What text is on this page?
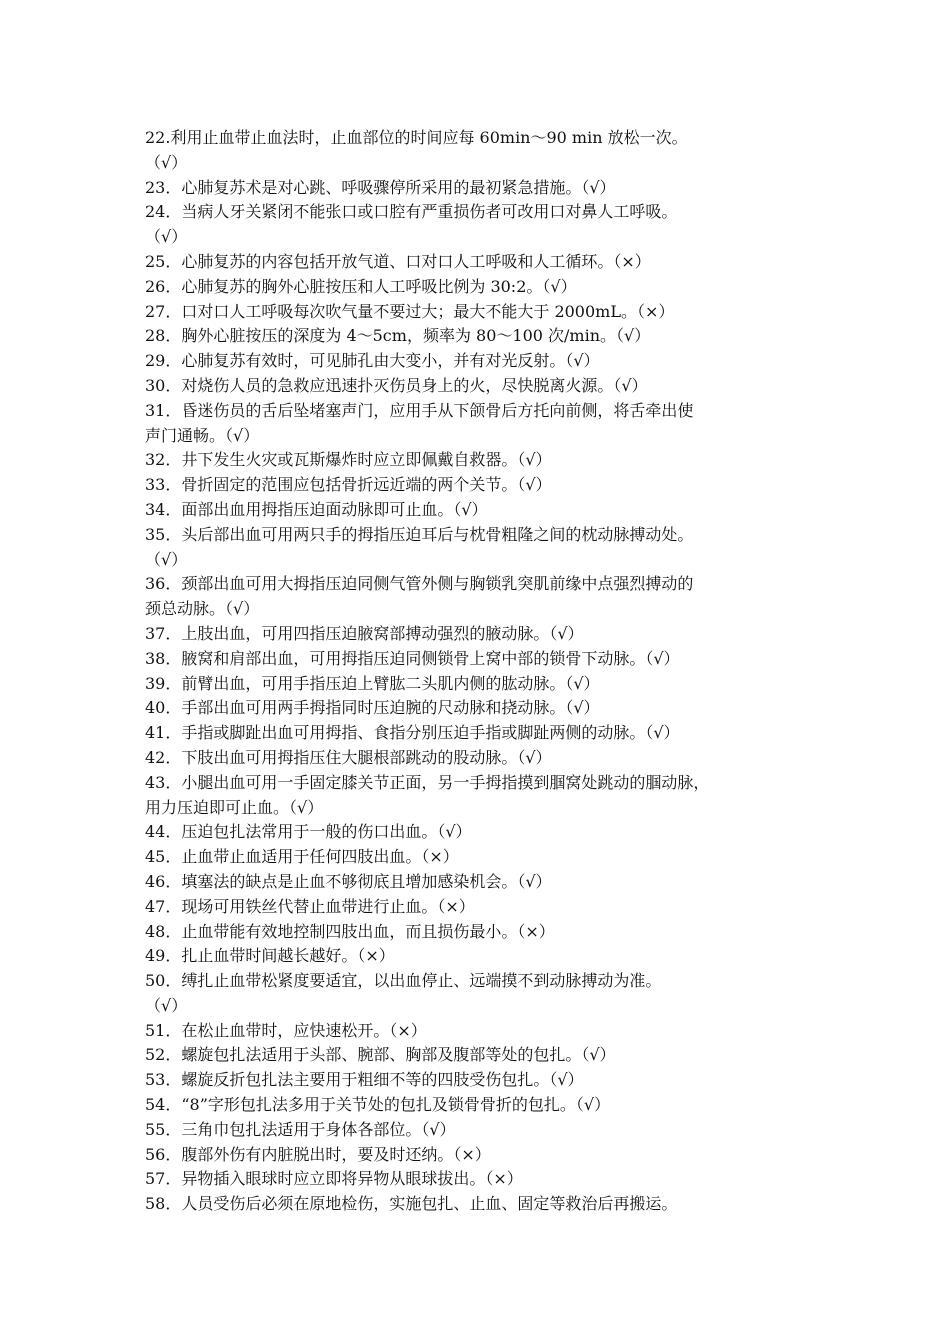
22.利用止血带止血法时，止血部位的时间应每 60min～90 min 放松一次。
（√）
23．心肺复苏术是对心跳、呼吸骤停所采用的最初紧急措施。（√）
24．当病人牙关紧闭不能张口或口腔有严重损伤者可改用口对鼻人工呼吸。
（√）
25．心肺复苏的内容包括开放气道、口对口人工呼吸和人工循环。（×）
26．心肺复苏的胸外心脏按压和人工呼吸比例为 30:2。（√）
27．口对口人工呼吸每次吹气量不要过大；最大不能大于 2000mL。（×）
28．胸外心脏按压的深度为 4～5cm，频率为 80～100 次/min。（√）
29．心肺复苏有效时，可见肺孔由大变小，并有对光反射。（√）
30．对烧伤人员的急救应迅速扑灭伤员身上的火，尽快脱离火源。（√）
31．昏迷伤员的舌后坠堵塞声门，应用手从下颌骨后方托向前侧，将舌牵出使
声门通畅。（√）
32．井下发生火灾或瓦斯爆炸时应立即佩戴自救器。（√）
33．骨折固定的范围应包括骨折远近端的两个关节。（√）
34．面部出血用拇指压迫面动脉即可止血。（√）
35．头后部出血可用两只手的拇指压迫耳后与枕骨粗隆之间的枕动脉搏动处。
（√）
36．颈部出血可用大拇指压迫同侧气管外侧与胸锁乳突肌前缘中点强烈搏动的
颈总动脉。（√）
37．上肢出血，可用四指压迫腋窝部搏动强烈的腋动脉。（√）
38．腋窝和肩部出血，可用拇指压迫同侧锁骨上窝中部的锁骨下动脉。（√）
39．前臂出血，可用手指压迫上臂肱二头肌内侧的肱动脉。（√）
40．手部出血可用两手拇指同时压迫腕的尺动脉和挠动脉。（√）
41．手指或脚趾出血可用拇指、食指分别压迫手指或脚趾两侧的动脉。（√）
42．下肢出血可用拇指压住大腿根部跳动的股动脉。（√）
43．小腿出血可用一手固定膝关节正面，另一手拇指摸到腘窝处跳动的腘动脉，
用力压迫即可止血。（√）
44．压迫包扎法常用于一般的伤口出血。（√）
45．止血带止血适用于任何四肢出血。（×）
46．填塞法的缺点是止血不够彻底且增加感染机会。（√）
47．现场可用铁丝代替止血带进行止血。（×）
48．止血带能有效地控制四肢出血，而且损伤最小。（×）
49．扎止血带时间越长越好。（×）
50．缚扎止血带松紧度要适宜，以出血停止、远端摸不到动脉搏动为准。
（√）
51．在松止血带时，应快速松开。（×）
52．螺旋包扎法适用于头部、腕部、胸部及腹部等处的包扎。（√）
53．螺旋反折包扎法主要用于粗细不等的四肢受伤包扎。（√）
54．“8”字形包扎法多用于关节处的包扎及锁骨骨折的包扎。（√）
55．三角巾包扎法适用于身体各部位。（√）
56．腹部外伤有内脏脱出时，要及时还纳。（×）
57．异物插入眼球时应立即将异物从眼球拔出。（×）
58．人员受伤后必须在原地检伤，实施包扎、止血、固定等救治后再搬运。
